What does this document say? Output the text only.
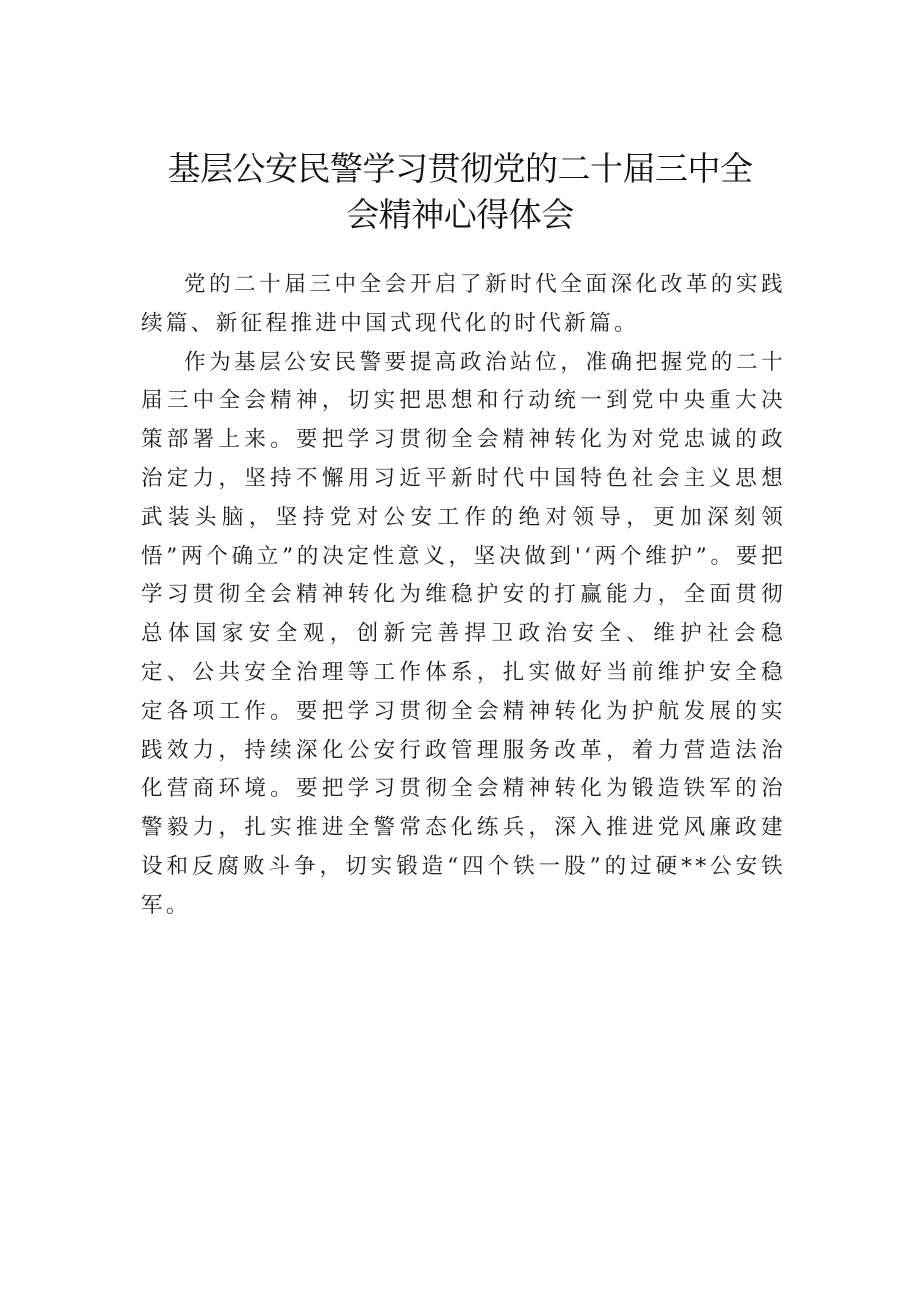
基层公安民警学习贯彻党的二十届三中全
会精神心得体会

党的二十届三中全会开启了新时代全面深化改革的实践续篇、新征程推进中国式现代化的时代新篇。

作为基层公安民警要提高政治站位，准确把握党的二十届三中全会精神，切实把思想和行动统一到党中央重大决策部署上来。要把学习贯彻全会精神转化为对党忠诚的政治定力，坚持不懈用习近平新时代中国特色社会主义思想武装头脑，坚持党对公安工作的绝对领导，更加深刻领悟”两个确立”的决定性意义，坚决做到'‘两个维护”。要把学习贯彻全会精神转化为维稳护安的打赢能力，全面贯彻总体国家安全观，创新完善捍卫政治安全、维护社会稳定、公共安全治理等工作体系，扎实做好当前维护安全稳定各项工作。要把学习贯彻全会精神转化为护航发展的实践效力，持续深化公安行政管理服务改革，着力营造法治化营商环境。要把学习贯彻全会精神转化为锻造铁军的治警毅力，扎实推进全警常态化练兵，深入推进党风廉政建设和反腐败斗争，切实锻造“四个铁一股”的过硬**公安铁军。
